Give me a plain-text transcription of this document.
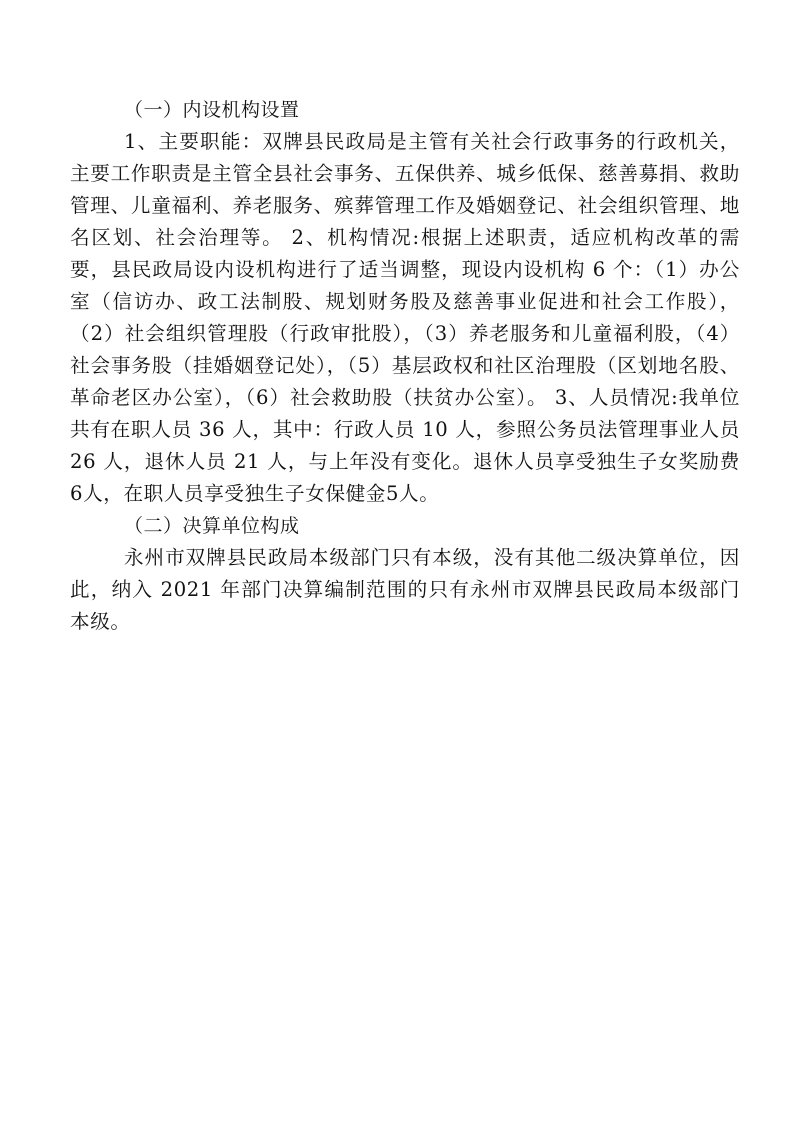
（一）内设机构设置

1、主要职能：双牌县民政局是主管有关社会行政事务的行政机关，主要工作职责是主管全县社会事务、五保供养、城乡低保、慈善募捐、救助管理、儿童福利、养老服务、殡葬管理工作及婚姻登记、社会组织管理、地名区划、社会治理等。 2、机构情况:根据上述职责，适应机构改革的需要，县民政局设内设机构进行了适当调整，现设内设机构 6 个：（1）办公室（信访办、政工法制股、规划财务股及慈善事业促进和社会工作股），（2）社会组织管理股（行政审批股），（3）养老服务和儿童福利股，（4）社会事务股（挂婚姻登记处），（5）基层政权和社区治理股（区划地名股、革命老区办公室），（6）社会救助股（扶贫办公室）。 3、人员情况:我单位共有在职人员 36 人，其中：行政人员 10 人，参照公务员法管理事业人员 26 人，退休人员 21 人，与上年没有变化。退休人员享受独生子女奖励费6人，在职人员享受独生子女保健金5人。

（二）决算单位构成

永州市双牌县民政局本级部门只有本级，没有其他二级决算单位，因此，纳入 2021 年部门决算编制范围的只有永州市双牌县民政局本级部门本级。
